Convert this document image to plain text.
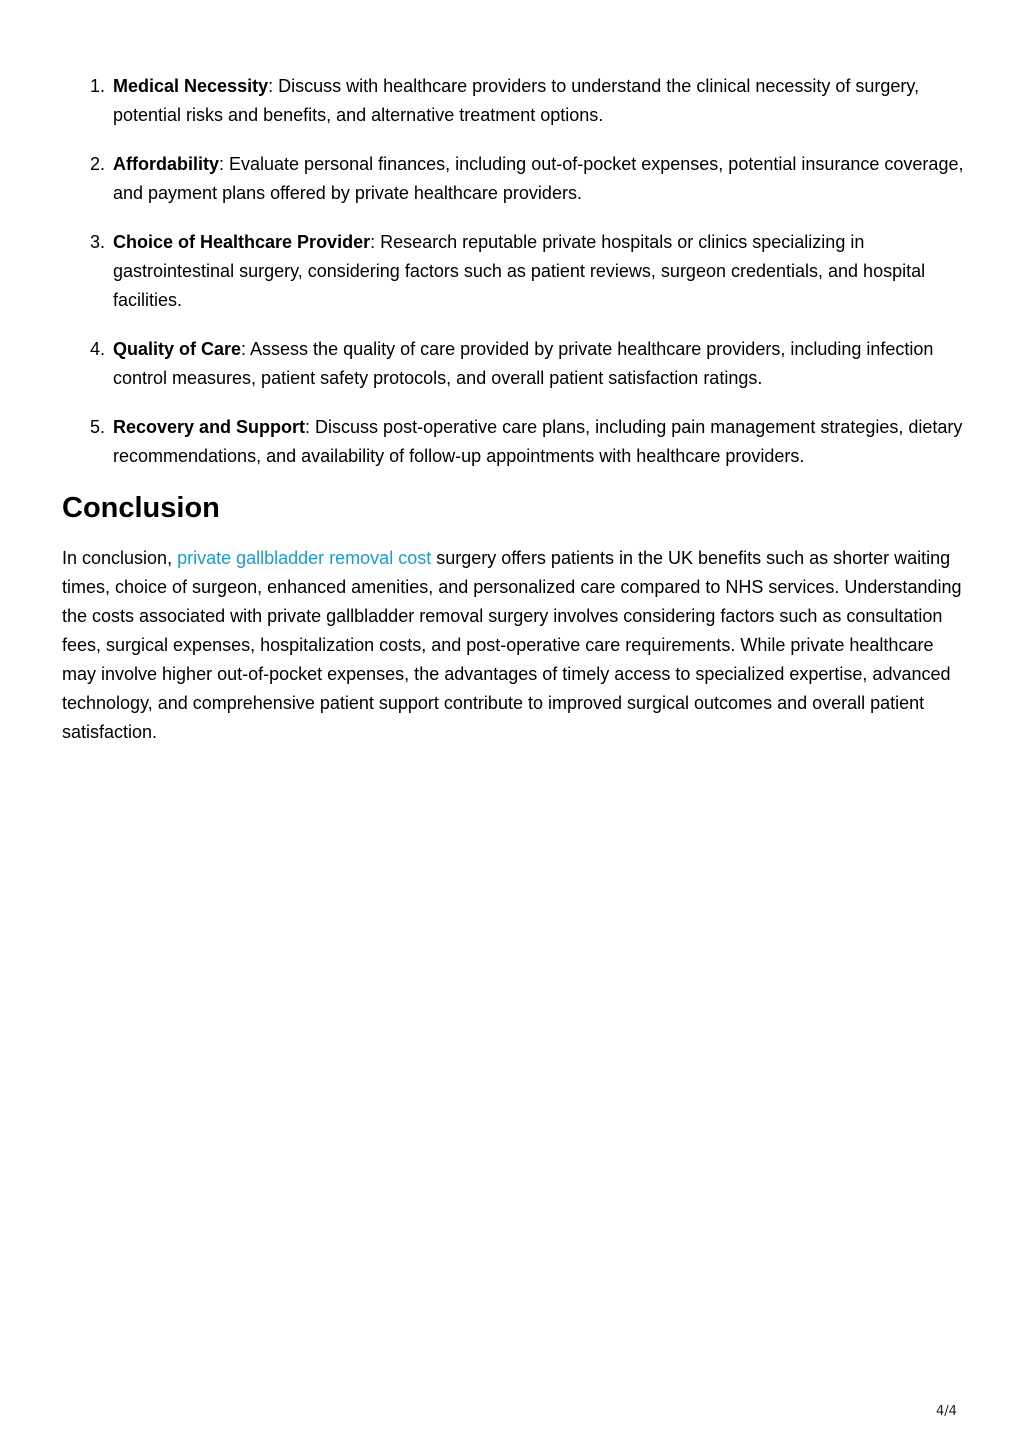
1. Medical Necessity: Discuss with healthcare providers to understand the clinical necessity of surgery, potential risks and benefits, and alternative treatment options.
2. Affordability: Evaluate personal finances, including out-of-pocket expenses, potential insurance coverage, and payment plans offered by private healthcare providers.
3. Choice of Healthcare Provider: Research reputable private hospitals or clinics specializing in gastrointestinal surgery, considering factors such as patient reviews, surgeon credentials, and hospital facilities.
4. Quality of Care: Assess the quality of care provided by private healthcare providers, including infection control measures, patient safety protocols, and overall patient satisfaction ratings.
5. Recovery and Support: Discuss post-operative care plans, including pain management strategies, dietary recommendations, and availability of follow-up appointments with healthcare providers.
Conclusion

In conclusion, private gallbladder removal cost surgery offers patients in the UK benefits such as shorter waiting times, choice of surgeon, enhanced amenities, and personalized care compared to NHS services. Understanding the costs associated with private gallbladder removal surgery involves considering factors such as consultation fees, surgical expenses, hospitalization costs, and post-operative care requirements. While private healthcare may involve higher out-of-pocket expenses, the advantages of timely access to specialized expertise, advanced technology, and comprehensive patient support contribute to improved surgical outcomes and overall patient satisfaction.

4/4
